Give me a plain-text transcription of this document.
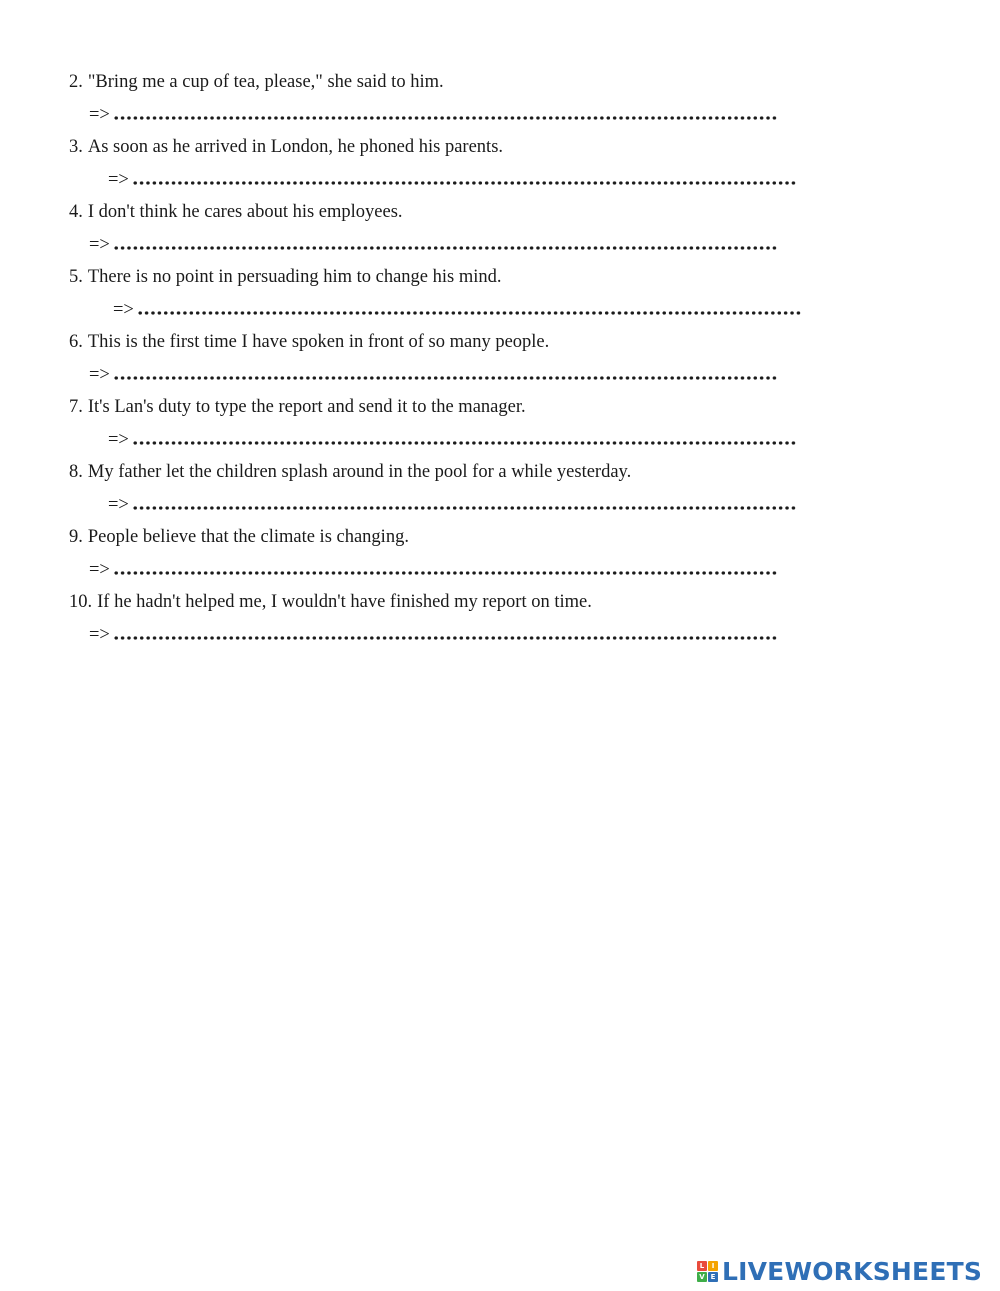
2. "Bring me a cup of tea, please," she said to him.
=>
3. As soon as he arrived in London, he phoned his parents.
=>
4. I don't think he cares about his employees.
=>
5. There is no point in persuading him to change his mind.
=>
6. This is the first time I have spoken in front of so many people.
=>
7. It's Lan's duty to type the report and send it to the manager.
=>
8. My father let the children splash around in the pool for a while yesterday.
=>
9. People believe that the climate is changing.
=>
10. If he hadn't helped me, I wouldn't have finished my report on time.
=>
L	I
V E LIVEWORKSHEETS
